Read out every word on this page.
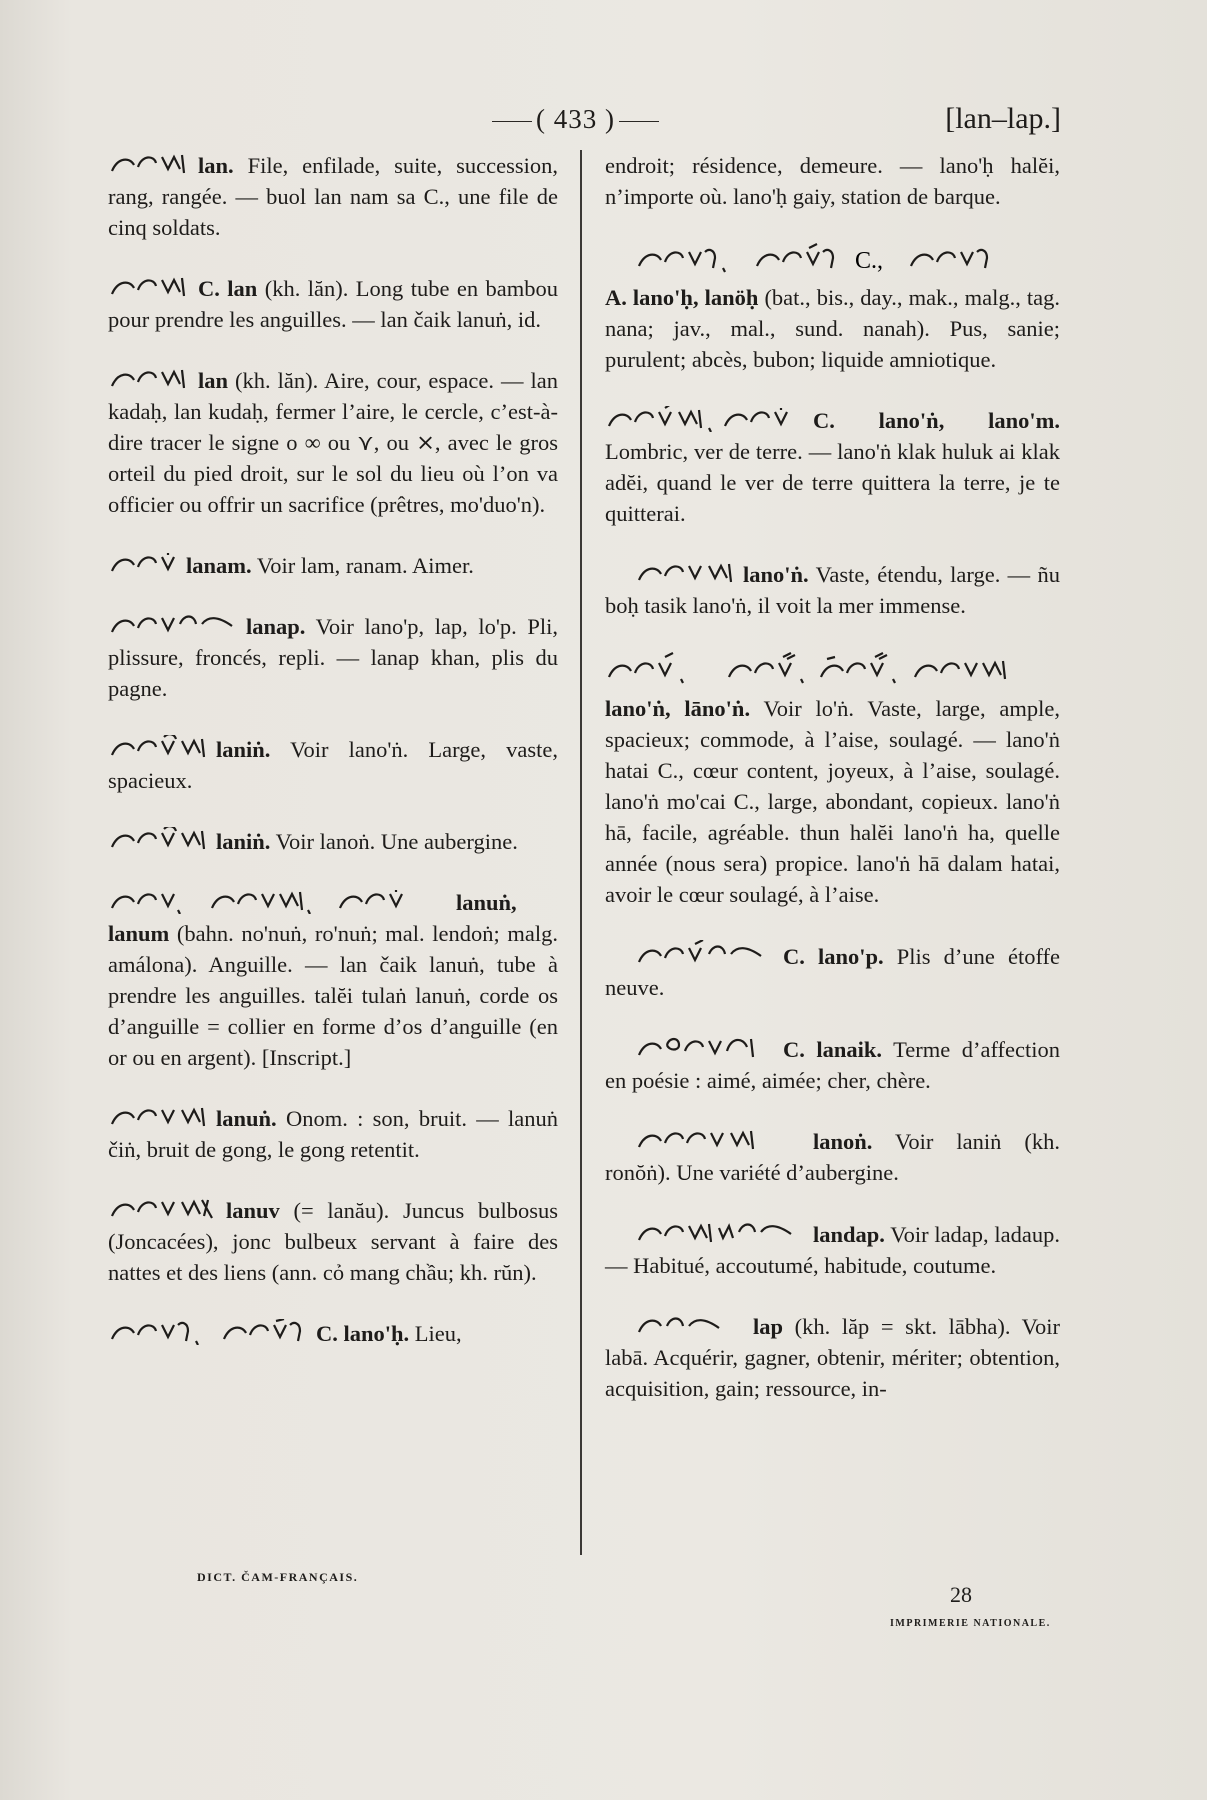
( 433 )	[lan–lap.]
lan. File, enfilade, suite, succession, rang, rangée. — buol lan nam sa C., une file de cinq soldats.
C. lan (kh. lăn). Long tube en bambou pour prendre les anguilles. — lan čaik lanuṅ, id.
lan (kh. lăn). Aire, cour, espace. — lan kadaḥ, lan kudaḥ, fermer l’aire, le cercle, c’est-à-dire tracer le signe o ∞ ou ⋎, ou ⨯, avec le gros orteil du pied droit, sur le sol du lieu où l’on va officier ou offrir un sacrifice (prêtres, mo'duo'n).
lanam. Voir lam, ranam. Aimer.
lanap. Voir lano'p, lap, lo'p. Pli, plissure, froncés, repli. — lanap khan, plis du pagne.
laniṅ. Voir lano'ṅ. Large, vaste, spacieux.
laniṅ. Voir lanoṅ. Une aubergine.
lanuṅ, lanum (bahn. no'nuṅ, ro'nuṅ; mal. lendoṅ; malg. amálona). Anguille. — lan čaik lanuṅ, tube à prendre les anguilles. talĕi tulaṅ lanuṅ, corde os d’anguille = collier en forme d’os d’anguille (en or ou en argent). [Inscript.]
lanuṅ. Onom. : son, bruit. — lanuṅ čiṅ, bruit de gong, le gong retentit.
lanuv (= lanău). Juncus bulbosus (Joncacées), jonc bulbeux servant à faire des nattes et des liens (ann. cỏ mang chầu; kh. rŭn).
C. lano'ḥ. Lieu,
endroit; résidence, demeure. — lano'ḥ halĕi, n’importe où. lano'ḥ gaiy, station de barque.
C.,
A. lano'ḥ, lanöḥ (bat., bis., day., mak., malg., tag. nana; jav., mal., sund. nanah). Pus, sanie; purulent; abcès, bubon; liquide amniotique.
C. lano'ṅ, lano'm. Lombric, ver de terre. — lano'ṅ klak huluk ai klak adĕi, quand le ver de terre quittera la terre, je te quitterai.
lano'ṅ. Vaste, étendu, large. — ñu boḥ tasik lano'ṅ, il voit la mer immense.
lano'ṅ, lāno'ṅ. Voir lo'ṅ. Vaste, large, ample, spacieux; commode, à l’aise, soulagé. — lano'ṅ hatai C., cœur content, joyeux, à l’aise, soulagé. lano'ṅ mo'cai C., large, abondant, copieux. lano'ṅ hā, facile, agréable. thun halĕi lano'ṅ ha, quelle année (nous sera) propice. lano'ṅ hā dalam hatai, avoir le cœur soulagé, à l’aise.
C. lano'p. Plis d’une étoffe neuve.
C. lanaik. Terme d’affection en poésie : aimé, aimée; cher, chère.
lanoṅ. Voir laniṅ (kh. ronŏṅ). Une variété d’aubergine.
landap. Voir ladap, ladaup. — Habitué, accoutumé, habitude, coutume.
lap (kh. lăp = skt. lābha). Voir labā. Acquérir, gagner, obtenir, mériter; obtention, acquisition, gain; ressource, in-
DICT. ČAM-FRANÇAIS.
28
IMPRIMERIE NATIONALE.
